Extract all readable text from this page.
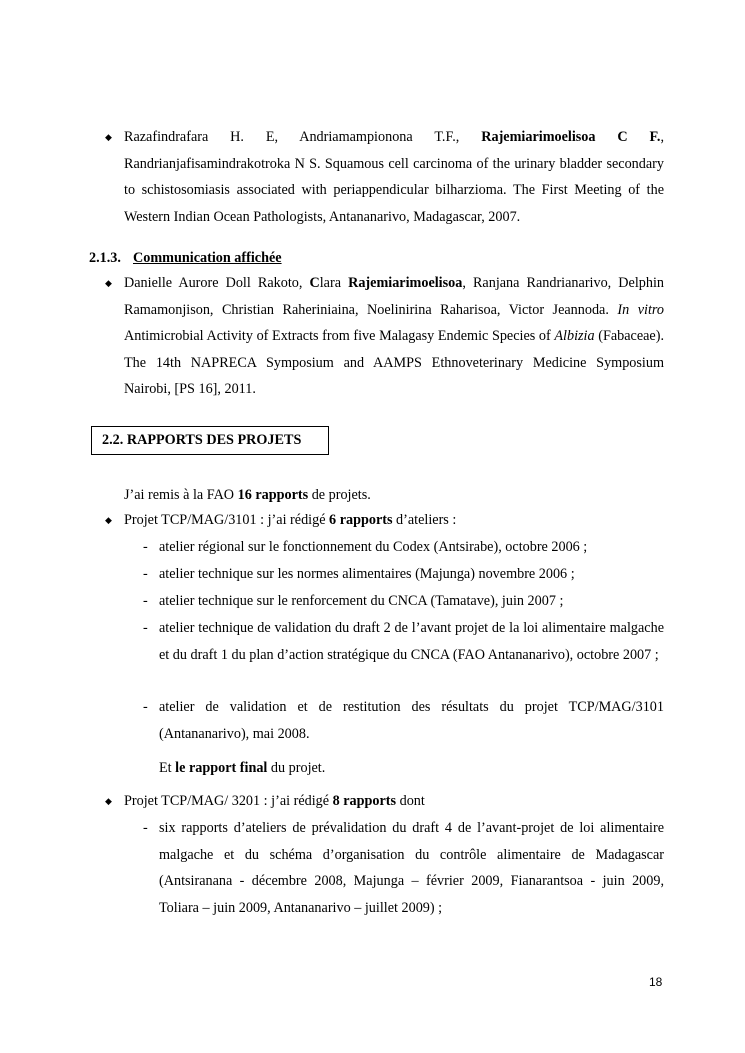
◆ Razafindrafara H. E, Andriamampionona T.F., Rajemiarimoelisoa C F., Randrianjafisamindrakotroka N S. Squamous cell carcinoma of the urinary bladder secondary to schistosomiasis associated with periappendicular bilharzioma. The First Meeting of the Western Indian Ocean Pathologists, Antananarivo, Madagascar, 2007.
2.1.3. Communication affichée
◆ Danielle Aurore Doll Rakoto, Clara Rajemiarimoelisoa, Ranjana Randrianarivo, Delphin Ramamonjison, Christian Raheriniaina, Noelinirina Raharisoa, Victor Jeannoda. In vitro Antimicrobial Activity of Extracts from five Malagasy Endemic Species of Albizia (Fabaceae). The 14th NAPRECA Symposium and AAMPS Ethnoveterinary Medicine Symposium Nairobi, [PS 16], 2011.
2.2. RAPPORTS DES PROJETS
J’ai remis à la FAO 16 rapports de projets.
◆ Projet TCP/MAG/3101 : j’ai rédigé 6 rapports d’ateliers :
- atelier régional sur le fonctionnement du Codex (Antsirabe), octobre 2006 ;
- atelier technique sur les normes alimentaires (Majunga) novembre 2006 ;
- atelier technique sur le renforcement du CNCA (Tamatave), juin 2007 ;
- atelier technique de validation du draft 2 de l’avant projet de la loi alimentaire malgache et du draft 1 du plan d’action stratégique du CNCA (FAO Antananarivo), octobre 2007 ;
- atelier de validation et de restitution des résultats du projet TCP/MAG/3101 (Antananarivo), mai 2008.
Et le rapport final du projet.
◆ Projet TCP/MAG/ 3201 : j’ai rédigé 8 rapports dont
- six rapports d’ateliers de prévalidation du draft 4 de l’avant-projet de loi alimentaire malgache et du schéma d’organisation du contrôle alimentaire de Madagascar (Antsiranana - décembre 2008, Majunga – février 2009, Fianarantsoa - juin 2009, Toliara – juin 2009, Antananarivo – juillet 2009) ;
18
